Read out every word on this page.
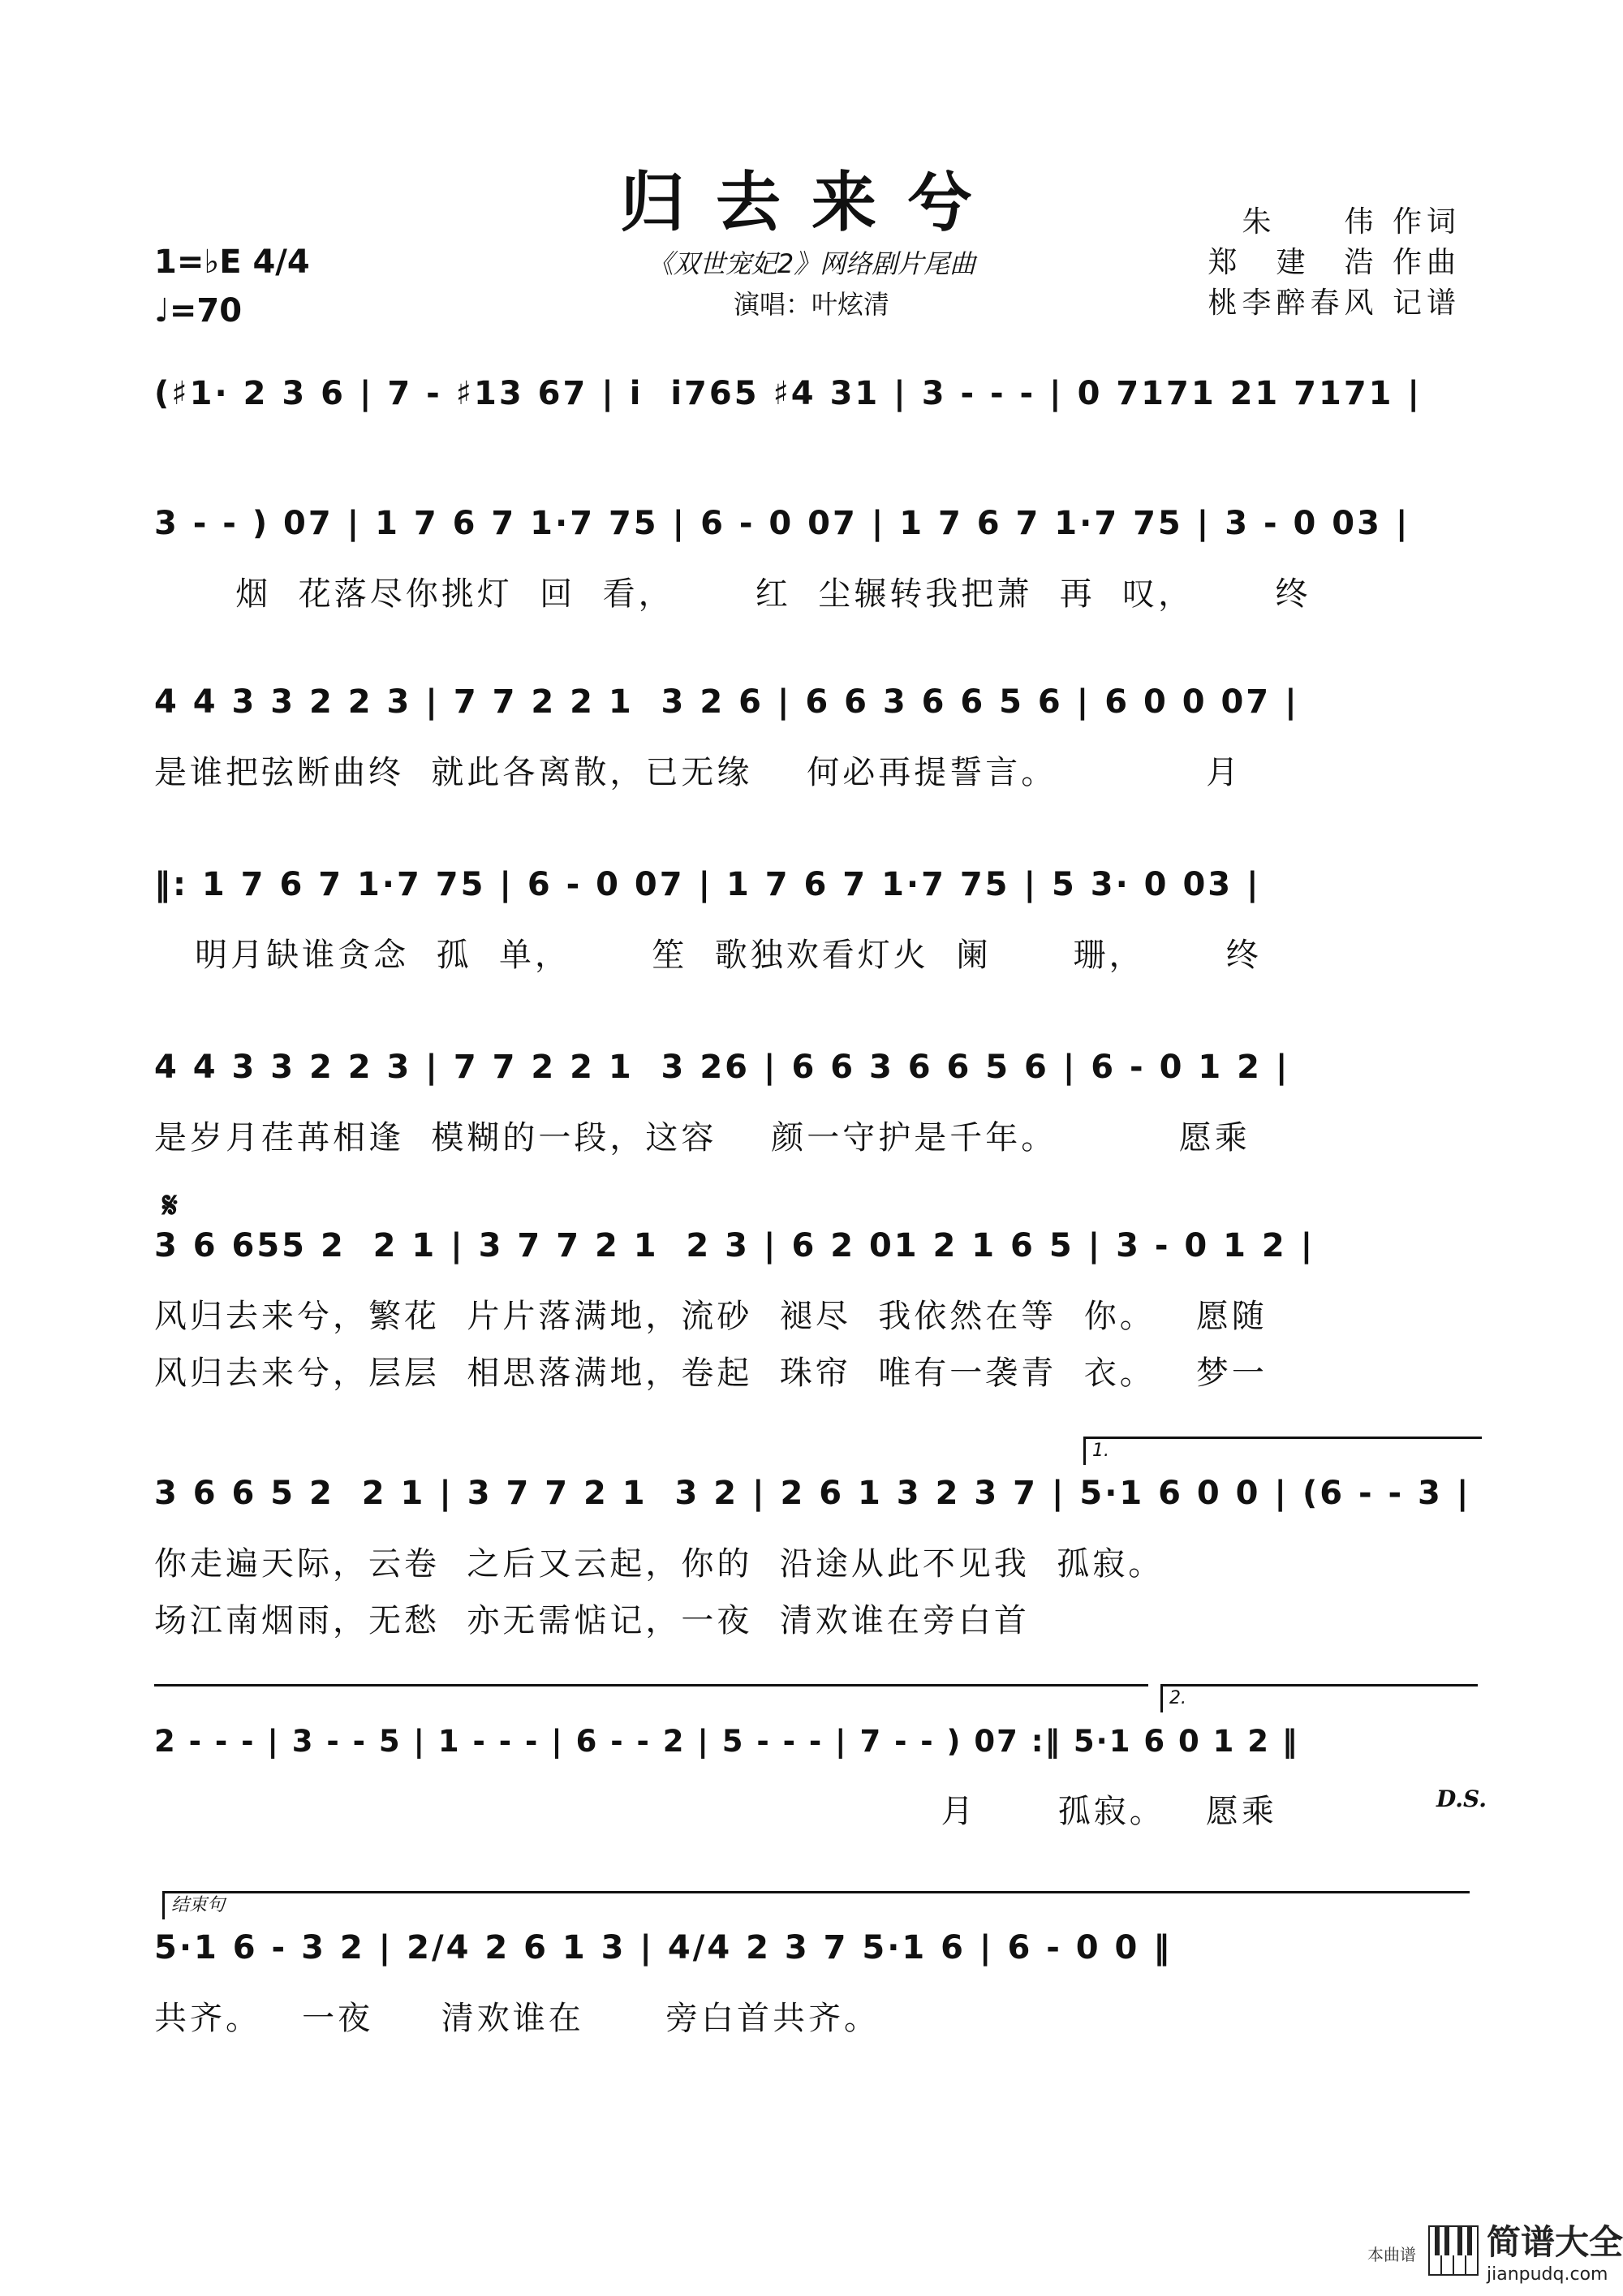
归去来兮
《双世宠妃2》网络剧片尾曲
演唱：叶炫清
朱　　伟 作词
郑　建　浩 作曲
桃李醉春风 记谱
1=♭E 4/4
♩=70
(♯1· 2 3 6 | 7 - ♯13 67 | i  i765 ♯4 31 | 3 - - - | 0 7171 21 7171 |
3 - - ) 07 | 1 7 6 7 1·7 75 | 6 - 0 07 | 1 7 6 7 1·7 75 | 3 - 0 03 |
烟  花落尽你挑灯  回  看，      红  尘辗转我把萧  再  叹，      终
4 4 3 3 2 2 3 | 7 7 2 2 1  3 2 6 | 6 6 3 6 6 5 6 | 6 0 0 07 |
是谁把弦断曲终  就此各离散，已无缘    何必再提誓言。           月
‖: 1 7 6 7 1·7 75 | 6 - 0 07 | 1 7 6 7 1·7 75 | 5 3· 0 03 |
明月缺谁贪念  孤  单，      笙  歌独欢看灯火  阑      珊，      终
4 4 3 3 2 2 3 | 7 7 2 2 1  3 26 | 6 6 3 6 6 5 6 | 6 - 0 1 2 |
是岁月荏苒相逢  模糊的一段，这容    颜一守护是千年。         愿乘
𝄋
3 6 655 2  2 1 | 3 7 7 2 1  2 3 | 6 2 01 2 1 6 5 | 3 - 0 1 2 |
风归去来兮，繁花  片片落满地，流砂  褪尽  我依然在等  你。   愿随
风归去来兮，层层  相思落满地，卷起  珠帘  唯有一袭青  衣。   梦一
1.
3 6 6 5 2  2 1 | 3 7 7 2 1  3 2 | 2 6 1 3 2 3 7 | 5·1 6 0 0 | (6 - - 3 |
你走遍天际，云卷  之后又云起，你的  沿途从此不见我  孤寂。
场江南烟雨，无愁  亦无需惦记，一夜  清欢谁在旁白首
2.
2 - - - | 3 - - 5 | 1 - - - | 6 - - 2 | 5 - - - | 7 - - ) 07 :‖ 5·1 6 0 1 2 ‖
月      孤寂。   愿乘	D.S.
结束句
5·1 6 - 3 2 | 2/4 2 6 1 3 | 4/4 2 3 7 5·1 6 | 6 - 0 0 ‖
共齐。   一夜     清欢谁在      旁白首共齐。
本曲谱 简谱大全
jianpudq.com
